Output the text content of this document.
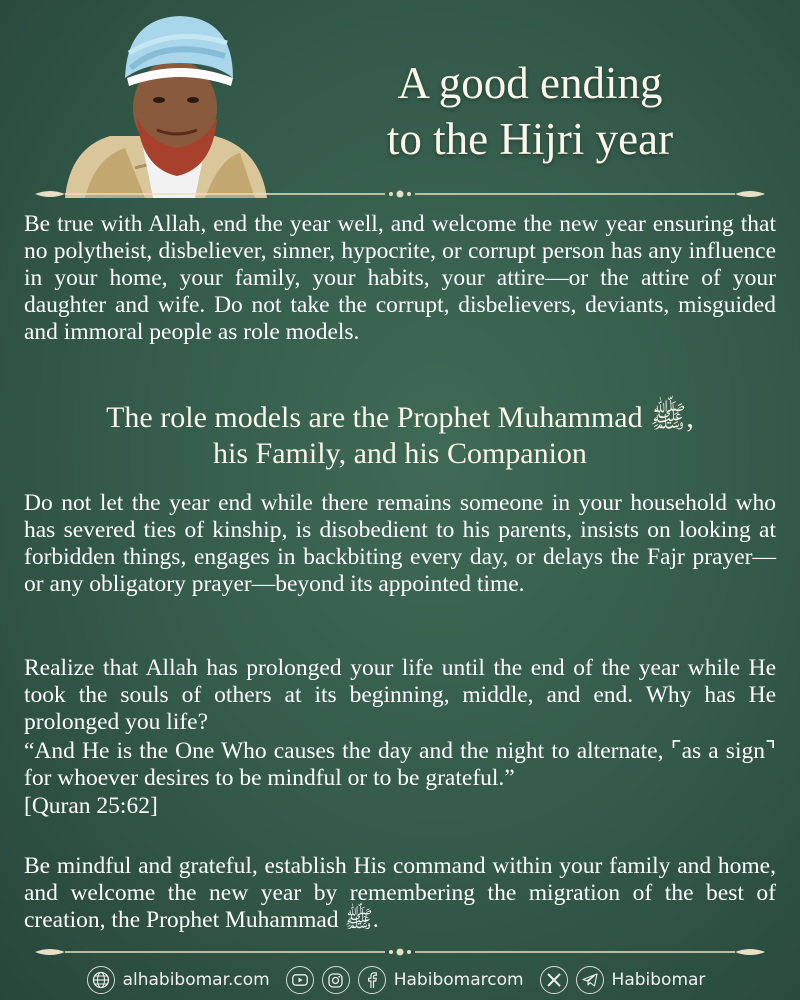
A good ending
to the Hijri year

Be true with Allah, end the year well, and welcome the new year ensuring that no polytheist, disbeliever, sinner, hypocrite, or corrupt person has any influence in your home, your family, your habits, your attire—or the attire of your daughter and wife. Do not take the corrupt, disbelievers, deviants, misguided and immoral people as role models.

The role models are the Prophet Muhammad ﷺ,
his Family, and his Companion

Do not let the year end while there remains someone in your household who has severed ties of kinship, is disobedient to his parents, insists on looking at forbidden things, engages in backbiting every day, or delays the Fajr prayer—or any obligatory prayer—beyond its appointed time.

Realize that Allah has prolonged your life until the end of the year while He took the souls of others at its beginning, middle, and end. Why has He prolonged you life?

“And He is the One Who causes the day and the night to alternate, ⌜as a sign⌝ for whoever desires to be mindful or to be grateful.”

[Quran 25:62]

Be mindful and grateful, establish His command within your family and home, and welcome the new year by remembering the migration of the best of creation, the Prophet Muhammad ﷺ.

alhabibomar.com	Habibomarcom	Habibomar
